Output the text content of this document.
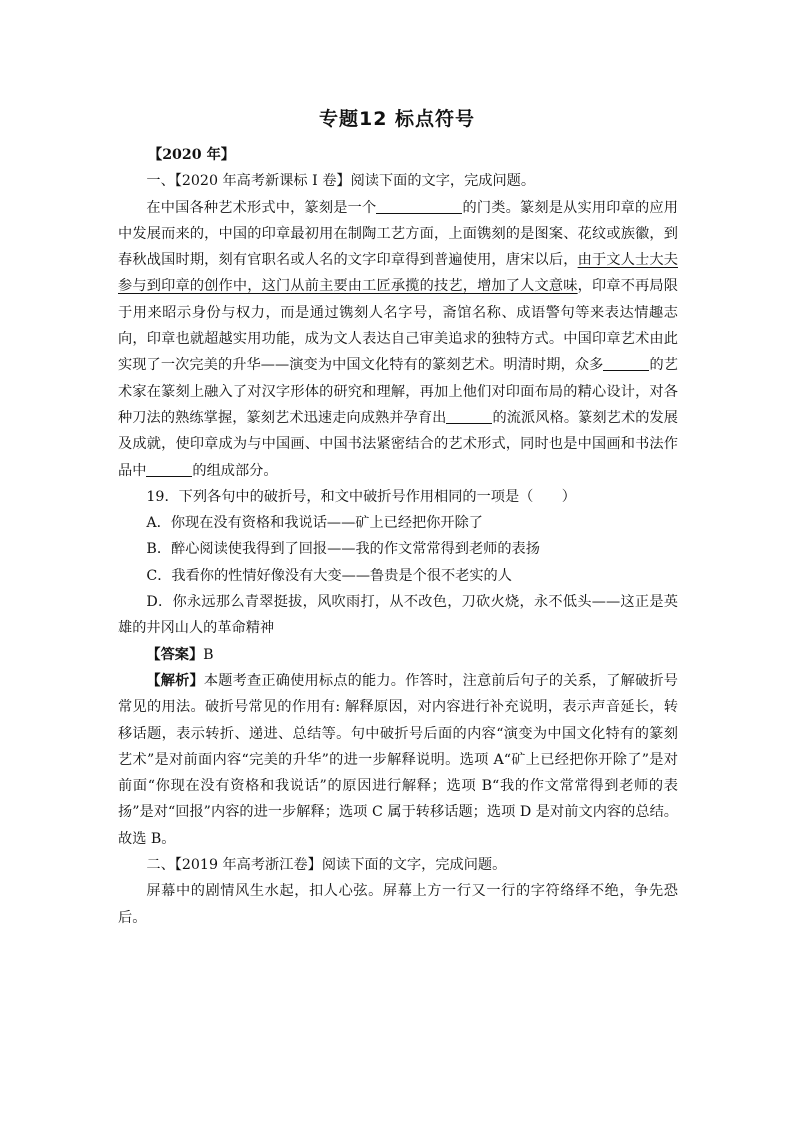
专题12 标点符号

【2020 年】

一、【2020 年高考新课标 I 卷】阅读下面的文字，完成问题。

在中国各种艺术形式中，篆刻是一个	的门类。篆刻是从实用印章的应用中发展而来的，中国的印章最初用在制陶工艺方面，上面镌刻的是图案、花纹或族徽，到春秋战国时期，刻有官职名或人名的文字印章得到普遍使用，唐宋以后，由于文人士大夫参与到印章的创作中，这门从前主要由工匠承揽的技艺，增加了人文意味，印章不再局限于用来昭示身份与权力，而是通过镌刻人名字号，斋馆名称、成语警句等来表达情趣志向，印章也就超越实用功能，成为文人表达自己审美追求的独特方式。中国印章艺术由此实现了一次完美的升华——演变为中国文化特有的篆刻艺术。明清时期，众多	的艺术家在篆刻上融入了对汉字形体的研究和理解，再加上他们对印面布局的精心设计，对各种刀法的熟练掌握，篆刻艺术迅速走向成熟并孕育出	的流派风格。篆刻艺术的发展及成就，使印章成为与中国画、中国书法紧密结合的艺术形式，同时也是中国画和书法作品中	的组成部分。

19．下列各句中的破折号，和文中破折号作用相同的一项是（　　）

A．你现在没有资格和我说话——矿上已经把你开除了

B．醉心阅读使我得到了回报——我的作文常常得到老师的表扬

C．我看你的性情好像没有大变——鲁贵是个很不老实的人

D．你永远那么青翠挺拔，风吹雨打，从不改色，刀砍火烧，永不低头——这正是英雄的井冈山人的革命精神

【答案】B

【解析】本题考查正确使用标点的能力。作答时，注意前后句子的关系，了解破折号常见的用法。破折号常见的作用有: 解释原因，对内容进行补充说明，表示声音延长，转移话题，表示转折、递进、总结等。句中破折号后面的内容“演变为中国文化特有的篆刻艺术”是对前面内容“完美的升华”的进一步解释说明。选项 A“矿上已经把你开除了”是对前面“你现在没有资格和我说话”的原因进行解释；选项 B“我的作文常常得到老师的表扬”是对“回报”内容的进一步解释；选项 C 属于转移话题；选项 D 是对前文内容的总结。故选 B。

二、【2019 年高考浙江卷】阅读下面的文字，完成问题。

屏幕中的剧情风生水起，扣人心弦。屏幕上方一行又一行的字符络绎不绝，争先恐后。
